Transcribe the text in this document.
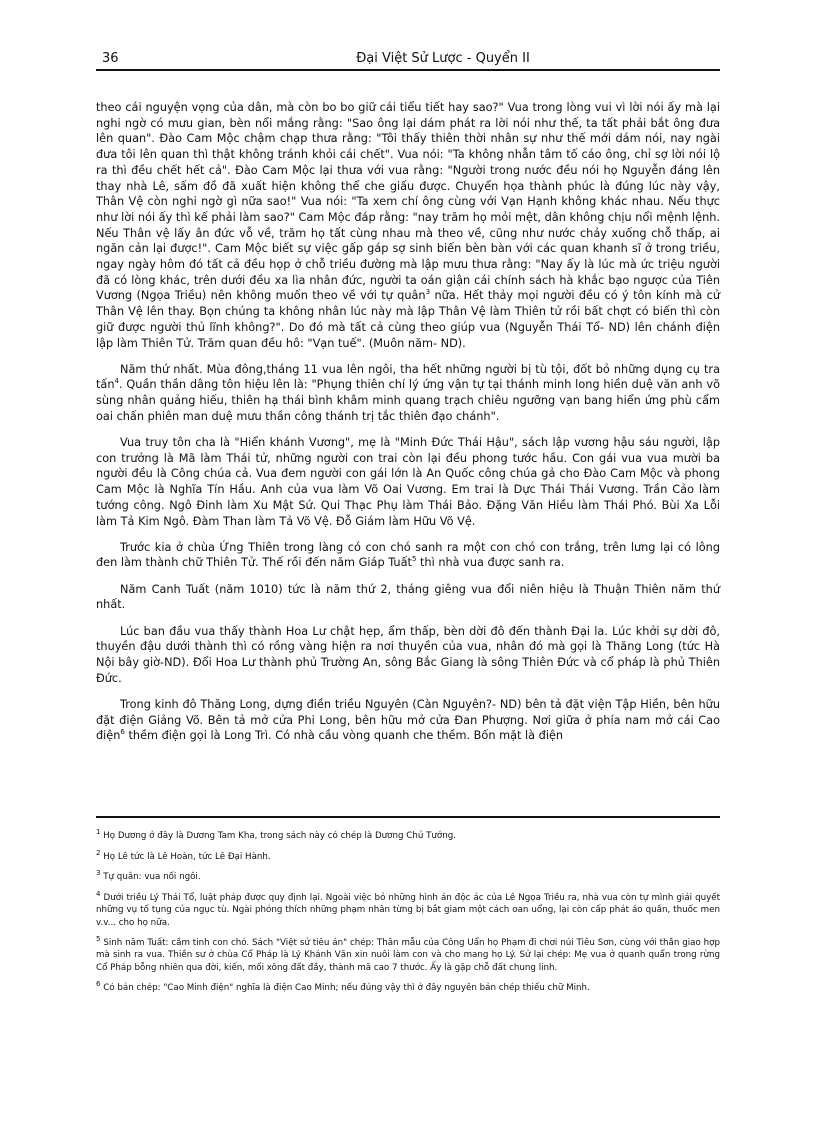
36	Đại Việt Sử Lược - Quyển II

theo cái nguyện vọng của dân, mà còn bo bo giữ cái tiểu tiết hay sao?" Vua trong lòng vui vì lời nói ấy mà lại nghi ngờ có mưu gian, bèn nổi mắng rằng: "Sao ông lại dám phát ra lời nói như thế, ta tất phải bắt ông đưa lên quan". Đào Cam Mộc chậm chạp thưa rằng: "Tôi thấy thiên thời nhân sự như thế mới dám nói, nay ngài đưa tôi lên quan thì thật không tránh khỏi cái chết". Vua nói: "Ta không nhẫn tâm tố cáo ông, chỉ sợ lời nói lộ ra thì đều chết hết cả". Đào Cam Mộc lại thưa với vua rằng: "Người trong nước đều nói họ Nguyễn đáng lên thay nhà Lê, sấm đồ đã xuất hiện không thể che giấu được. Chuyển họa thành phúc là đúng lúc này vậy, Thân Vệ còn nghi ngờ gì nữa sao!" Vua nói: "Ta xem chí ông cùng với Vạn Hạnh không khác nhau. Nếu thực như lời nói ấy thì kế phải làm sao?" Cam Mộc đáp rằng: "nay trăm họ mỏi mệt, dân không chịu nổi mệnh lệnh. Nếu Thân vệ lấy ân đức vỗ về, trăm họ tất cùng nhau mà theo về, cũng như nước chảy xuống chỗ thấp, ai ngăn cản lại được!". Cam Mộc biết sự việc gấp gáp sợ sinh biến bèn bàn với các quan khanh sĩ ở trong triều, ngay ngày hôm đó tất cả đều họp ở chỗ triều đường mà lập mưu thưa rằng: "Nay ấy là lúc mà ức triệu người đã có lòng khác, trên dưới đều xa lìa nhân đức, người ta oán giận cái chính sách hà khắc bạo ngược của Tiên Vương (Ngọa Triều) nên không muốn theo về với tự quân$^3$ nữa. Hết thảy mọi người đều có ý tôn kính mà cử Thân Vệ lên thay. Bọn chúng ta không nhân lúc này mà lập Thân Vệ làm Thiên tử rồi bất chợt có biến thì còn giữ được người thủ lĩnh không?". Do đó mà tất cả cùng theo giúp vua (Nguyễn Thái Tổ- ND) lên chánh điện lập làm Thiên Tử. Trăm quan đều hô: "Vạn tuế". (Muôn năm- ND).

Năm thứ nhất. Mùa đông,tháng 11 vua lên ngôi, tha hết những người bị tù tội, đốt bỏ những dụng cụ tra tấn$^4$. Quần thần dâng tôn hiệu lên là: "Phụng thiên chí lý ứng vận tự tại thánh minh long hiền duệ văn anh võ sùng nhân quảng hiếu, thiên hạ thái bình khâm minh quang trạch chiêu ngưỡng vạn bang hiển ứng phù cẩm oai chấn phiên man duệ mưu thần công thánh trị tắc thiên đạo chánh".

Vua truy tôn cha là "Hiển khánh Vương", mẹ là "Minh Đức Thái Hậu", sách lập vương hậu sáu người, lập con trưởng là Mã làm Thái tử, những người con trai còn lại đều phong tước hầu. Con gái vua vua mười ba người đều là Công chúa cả. Vua đem người con gái lớn là An Quốc công chúa gả cho Đào Cam Mộc và phong Cam Mộc là Nghĩa Tín Hầu. Anh của vua làm Võ Oai Vương. Em trai là Dực Thái Thái Vương. Trần Cảo làm tướng công. Ngô Đinh làm Xu Mật Sứ. Qui Thạc Phụ làm Thái Bảo. Đặng Văn Hiều làm Thái Phó. Bùi Xa Lỗi làm Tả Kim Ngô. Đàm Than làm Tả Võ Vệ. Đỗ Giám làm Hữu Võ Vệ.

Trước kia ở chùa Ứng Thiên trong làng có con chó sanh ra một con chó con trắng, trên lưng lại có lông đen làm thành chữ Thiên Tử. Thế rồi đến năm Giáp Tuất$^5$ thì nhà vua được sanh ra.

Năm Canh Tuất (năm 1010) tức là năm thứ 2, tháng giêng vua đổi niên hiệu là Thuận Thiên năm thứ nhất.

Lúc ban đầu vua thấy thành Hoa Lư chật hẹp, ẩm thấp, bèn dời đô đến thành Đại la. Lúc khởi sự dời đô, thuyền đậu dưới thành thì có rồng vàng hiện ra nơi thuyền của vua, nhân đó mà gọi là Thăng Long (tức Hà Nội bây giờ-ND). Đổi Hoa Lư thành phủ Trường An, sông Bắc Giang là sông Thiên Đức và cổ pháp là phủ Thiên Đức.

Trong kinh đô Thăng Long, dựng điền triều Nguyên (Càn Nguyên?- ND) bên tả đặt viện Tập Hiền, bên hữu đặt điện Giảng Võ. Bên tả mở cửa Phi Long, bên hữu mở cửa Đan Phượng. Nơi giữa ở phía nam mở cái Cao điện$^6$ thềm điện gọi là Long Trì. Có nhà cầu vòng quanh che thềm. Bốn mặt là điện

$^1$ Họ Dương ở đây là Dương Tam Kha, trong sách này có chép là Dương Chủ Tướng.
$^2$ Họ Lê tức là Lê Hoàn, tức Lê Đại Hành.
$^3$ Tự quân: vua nối ngôi.
$^4$ Dưới triều Lý Thái Tổ, luật pháp được quy định lại. Ngoài việc bỏ những hình án độc ác của Lê Ngọa Triều ra, nhà vua còn tự mình giải quyết những vụ tố tụng của ngục tù. Ngài phóng thích những phạm nhân từng bị bắt giam một cách oan uổng, lại còn cấp phát áo quần, thuốc men v.v... cho họ nữa.
$^5$ Sinh năm Tuất: cầm tinh con chó. Sách "Việt sử tiêu án" chép: Thân mẫu của Công Uẩn họ Phạm đi chơi núi Tiêu Sơn, cùng với thần giao hợp mà sinh ra vua. Thiền sư ở chùa Cổ Pháp là Lý Khánh Văn xin nuôi làm con và cho mang họ Lý. Sử lại chép: Mẹ vua ở quanh quẩn trong rừng Cổ Pháp bỗng nhiên qua đời, kiến, mối xông đất đầy, thành mã cao 7 thước. Ấy là gặp chỗ đất chung linh.
$^6$ Có bản chép: "Cao Minh điện" nghĩa là điện Cao Minh; nếu đúng vậy thì ở đây nguyên bản chép thiếu chữ Minh.
